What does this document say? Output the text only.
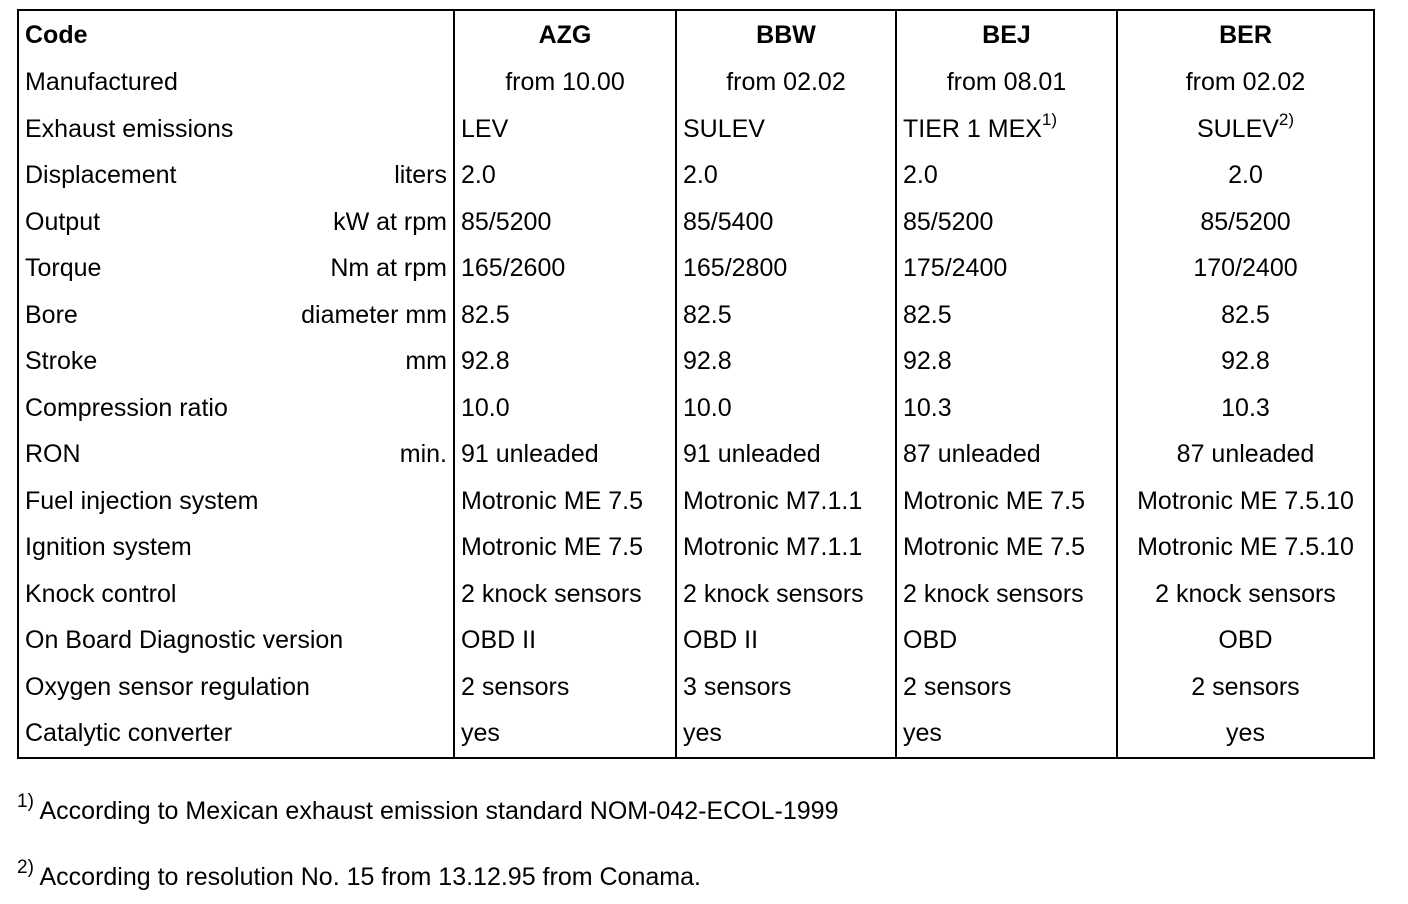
Code	AZG	BBW	BEJ	BER
Manufactured	from 10.00	from 02.02	from 08.01	from 02.02
Exhaust emissions	LEV	SULEV	TIER 1 MEX$^{1)}$	SULEV$^{2)}$

Displacement liters	2.0	2.0	2.0	2.0

Output kW at rpm	85/5200	85/5400	85/5200	85/5200

Torque Nm at rpm	165/2600	165/2800	175/2400	170/2400

Bore diameter mm	82.5	82.5	82.5	82.5

Stroke mm	92.8	92.8	92.8	92.8
Compression ratio	10.0	10.0	10.3	10.3

RON min.	91 unleaded	91 unleaded	87 unleaded	87 unleaded
Fuel injection system	Motronic ME 7.5	Motronic M7.1.1	Motronic ME 7.5	Motronic ME 7.5.10
Ignition system	Motronic ME 7.5	Motronic M7.1.1	Motronic ME 7.5	Motronic ME 7.5.10
Knock control	2 knock sensors	2 knock sensors	2 knock sensors	2 knock sensors
On Board Diagnostic version	OBD II	OBD II	OBD	OBD
Oxygen sensor regulation	2 sensors	3 sensors	2 sensors	2 sensors
Catalytic converter	yes	yes	yes	yes
$^{1)}$ According to Mexican exhaust emission standard NOM-042-ECOL-1999
$^{2)}$ According to resolution No. 15 from 13.12.95 from Conama.
